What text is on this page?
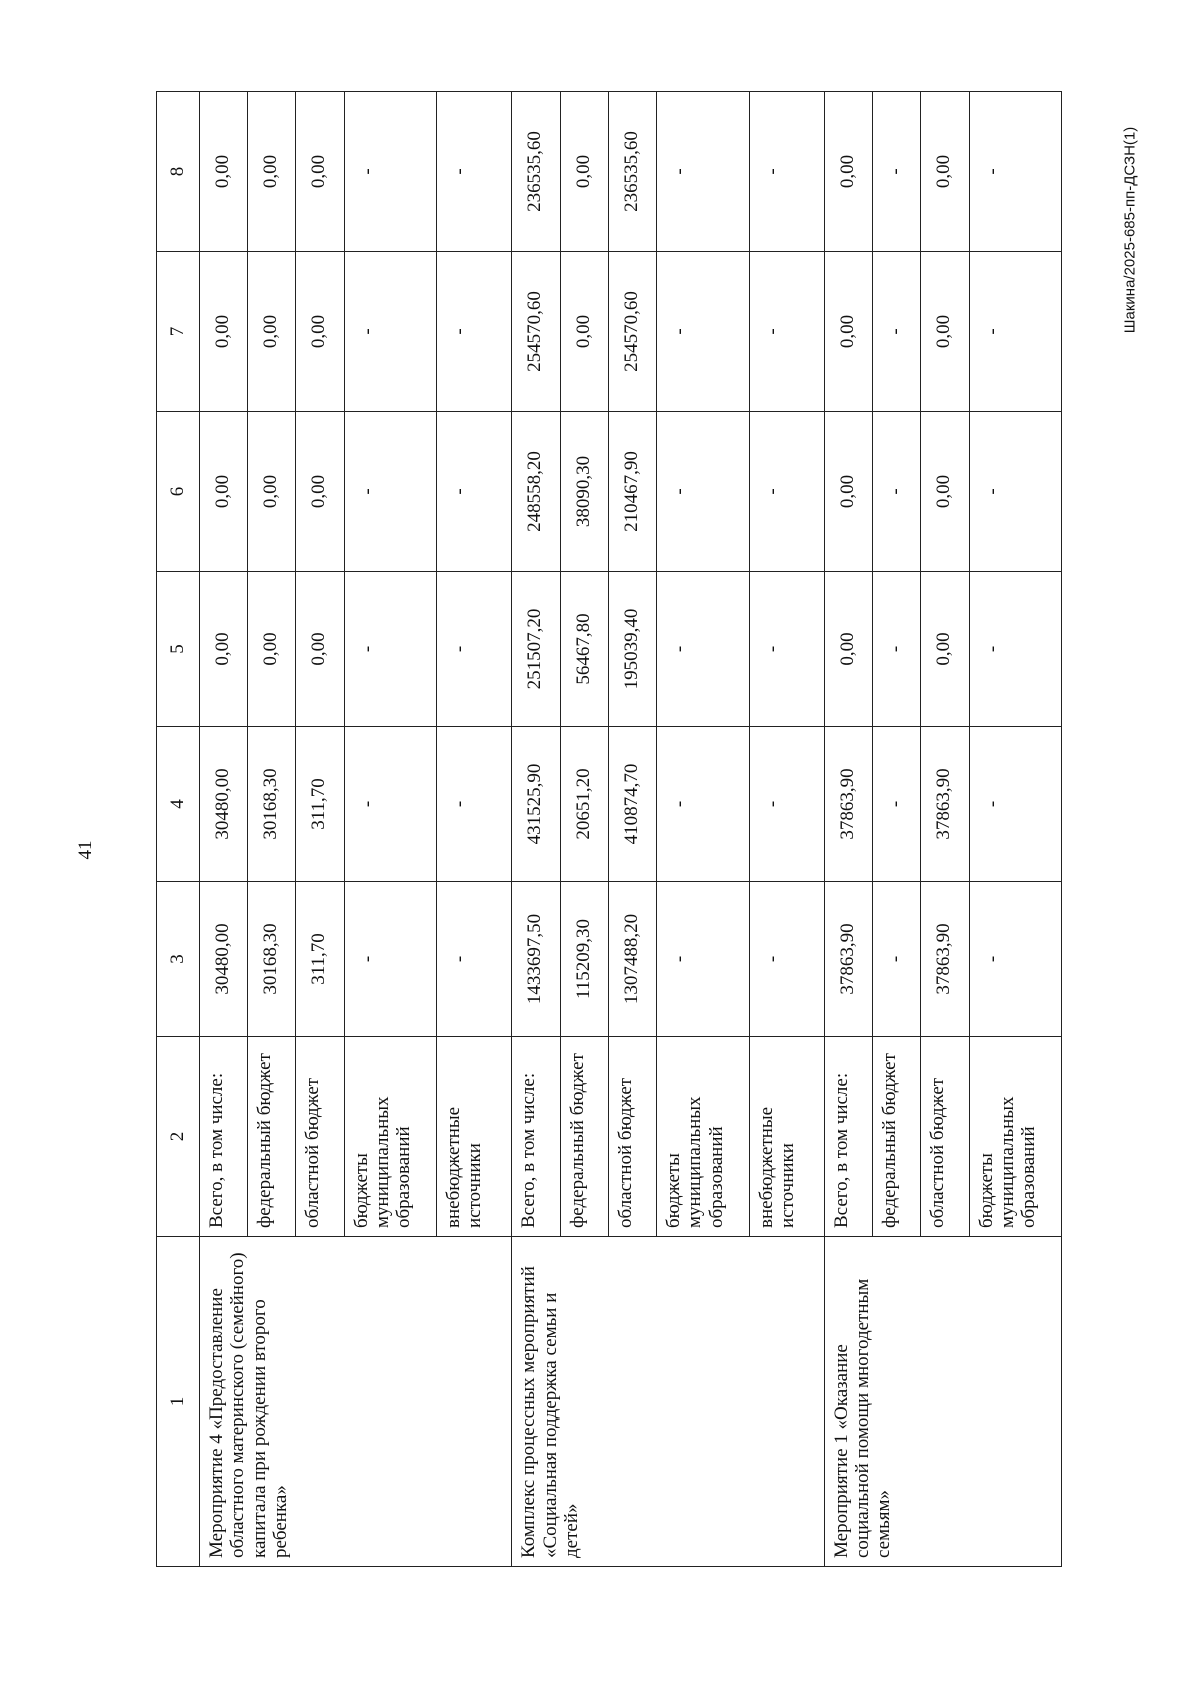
41
Шакина/2025-685-пп-ДСЗН(1)
1	2	3	4	5	6	7	8
Мероприятие 4 «Предоставление областного материнского (семейного) капитала при рождении второго ребенка»	Всего, в том числе:	30480,00	30480,00	0,00	0,00	0,00	0,00
	федеральный бюджет	30168,30	30168,30	0,00	0,00	0,00	0,00
	областной бюджет	311,70	311,70	0,00	0,00	0,00	0,00
	бюджеты муниципальных образований	-	-	-	-	-	-
	внебюджетные источники	-	-	-	-	-	-
Комплекс процессных мероприятий «Социальная поддержка семьи и детей»	Всего, в том числе:	1433697,50	431525,90	251507,20	248558,20	254570,60	236535,60
	федеральный бюджет	115209,30	20651,20	56467,80	38090,30	0,00	0,00
	областной бюджет	1307488,20	410874,70	195039,40	210467,90	254570,60	236535,60
	бюджеты муниципальных образований	-	-	-	-	-	-
	внебюджетные источники	-	-	-	-	-	-
Мероприятие 1 «Оказание социальной помощи многодетным семьям»	Всего, в том числе:	37863,90	37863,90	0,00	0,00	0,00	0,00
	федеральный бюджет	-	-	-	-	-	-
	областной бюджет	37863,90	37863,90	0,00	0,00	0,00	0,00
	бюджеты муниципальных образований	-	-	-	-	-	-
